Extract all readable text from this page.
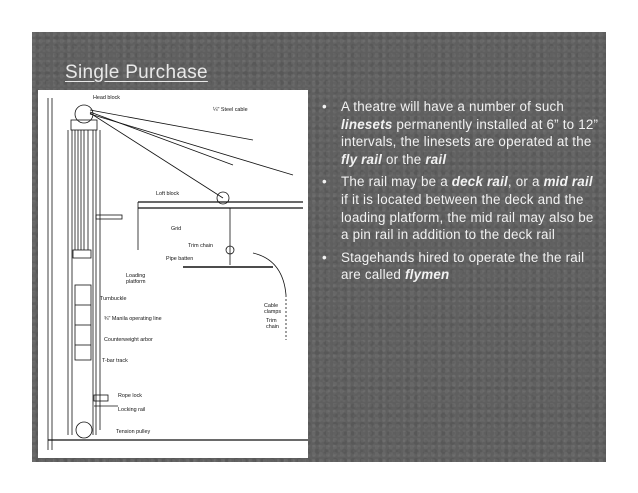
Single Purchase
Head block
¼" Steel cable
Loft block
Grid
Trim chain
Pipe batten
Loading
platform
Turnbuckle
¾" Manila operating line
Counterweight arbor
T-bar track
Cable
clamps
Trim
chain
Rope lock
Locking rail
Tension pulley
• A theatre will have a number of such linesets permanently installed at 6” to 12” intervals, the linesets are operated at the fly rail or the rail
• The rail may be a deck rail, or a mid rail if it is located between the deck and the loading platform, the mid rail may also be a pin rail in addition to the deck rail
• Stagehands hired to operate the the rail are called flymen
